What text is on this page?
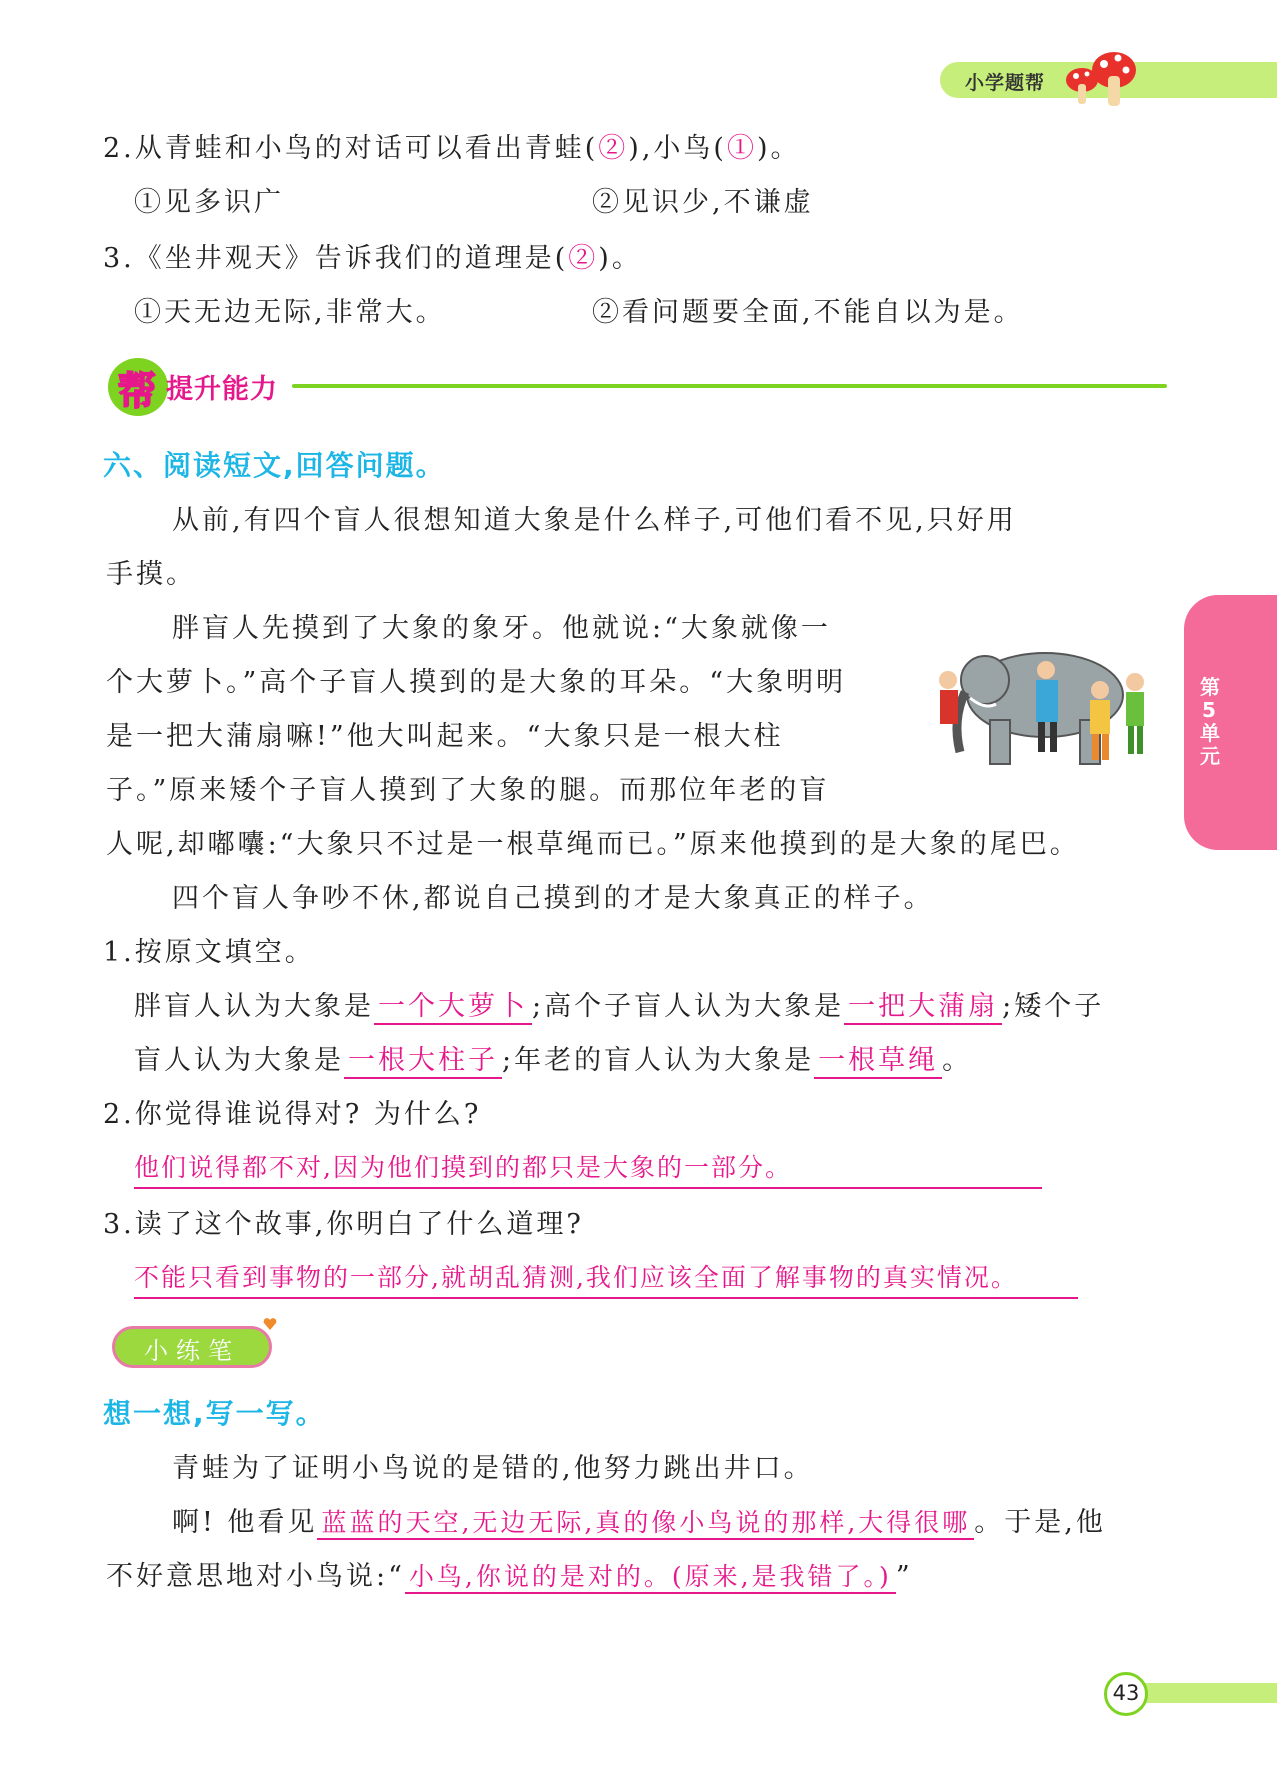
小学题帮
2.从青蛙和小鸟的对话可以看出青蛙(②),小鸟(①)。
①见多识广	②见识少,不谦虚
3.《坐井观天》告诉我们的道理是(②)。
①天无边无际,非常大。	②看问题要全面,不能自以为是。
帮 提升能力
六、阅读短文,回答问题。
从前,有四个盲人很想知道大象是什么样子,可他们看不见,只好用
手摸。
胖盲人先摸到了大象的象牙。他就说:“大象就像一
个大萝卜。”高个子盲人摸到的是大象的耳朵。“大象明明
是一把大蒲扇嘛!”他大叫起来。“大象只是一根大柱
子。”原来矮个子盲人摸到了大象的腿。而那位年老的盲
人呢,却嘟囔:“大象只不过是一根草绳而已。”原来他摸到的是大象的尾巴。
四个盲人争吵不休,都说自己摸到的才是大象真正的样子。
1.按原文填空。
胖盲人认为大象是 一个大萝卜 ;高个子盲人认为大象是 一把大蒲扇 ;矮个子
盲人认为大象是 一根大柱子 ;年老的盲人认为大象是 一根草绳 。
2.你觉得谁说得对? 为什么?
他们说得都不对,因为他们摸到的都只是大象的一部分。
3.读了这个故事,你明白了什么道理?
不能只看到事物的一部分,就胡乱猜测,我们应该全面了解事物的真实情况。
小练笔
想一想,写一写。
青蛙为了证明小鸟说的是错的,他努力跳出井口。
啊! 他看见 蓝蓝的天空,无边无际,真的像小鸟说的那样,大得很哪 。于是,他
不好意思地对小鸟说:“ 小鸟,你说的是对的。(原来,是我错了。) ”
第5单元
43
